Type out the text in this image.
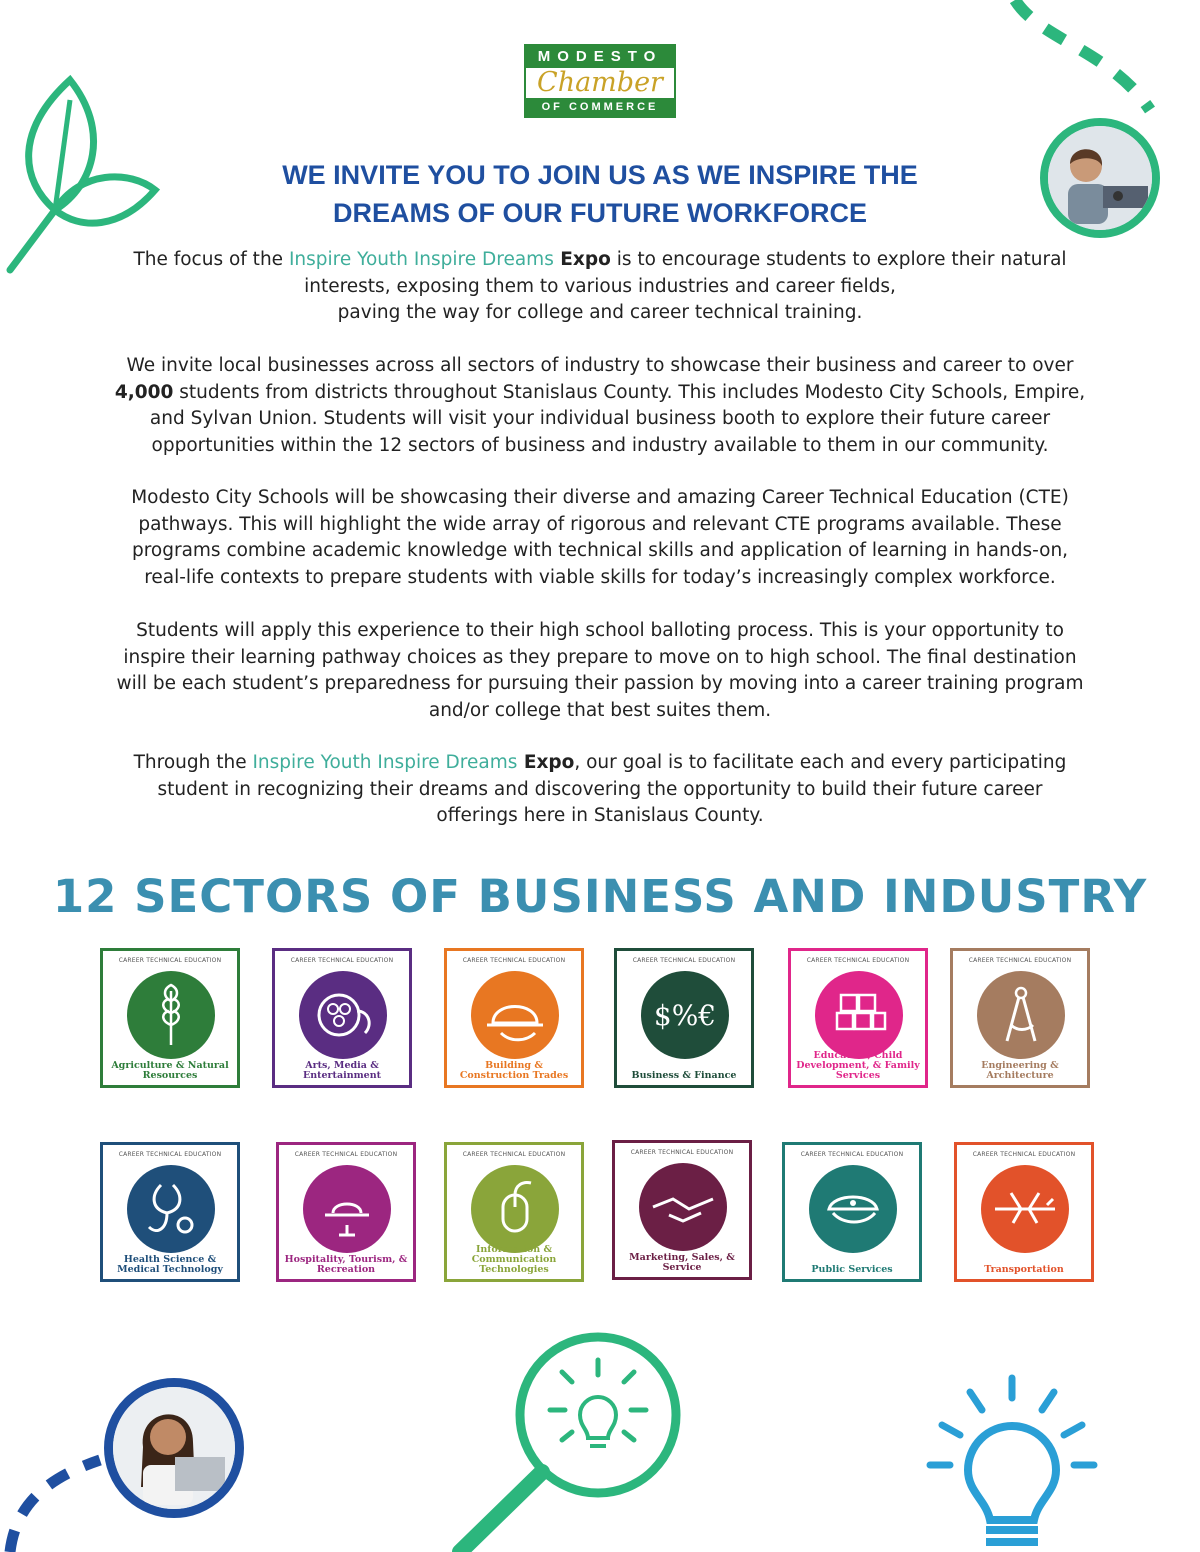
MODESTO
Chamber
OF COMMERCE
WE INVITE YOU TO JOIN US AS WE INSPIRE THE
DREAMS OF OUR FUTURE WORKFORCE
The focus of the Inspire Youth Inspire Dreams Expo is to encourage students to explore their natural
interests, exposing them to various industries and career fields,
paving the way for college and career technical training.
We invite local businesses across all sectors of industry to showcase their business and career to over
4,000 students from districts throughout Stanislaus County. This includes Modesto City Schools, Empire,
and Sylvan Union. Students will visit your individual business booth to explore their future career
opportunities within the 12 sectors of business and industry available to them in our community.
Modesto City Schools will be showcasing their diverse and amazing Career Technical Education (CTE)
pathways. This will highlight the wide array of rigorous and relevant CTE programs available. These
programs combine academic knowledge with technical skills and application of learning in hands-on,
real-life contexts to prepare students with viable skills for today’s increasingly complex workforce.
Students will apply this experience to their high school balloting process. This is your opportunity to
inspire their learning pathway choices as they prepare to move on to high school. The final destination
will be each student’s preparedness for pursuing their passion by moving into a career training program
and/or college that best suites them.
Through the Inspire Youth Inspire Dreams Expo, our goal is to facilitate each and every participating
student in recognizing their dreams and discovering the opportunity to build their future career
offerings here in Stanislaus County.
12 SECTORS OF BUSINESS AND INDUSTRY
CAREER TECHNICAL EDUCATION
Agriculture & Natural Resources
CAREER TECHNICAL EDUCATION
Arts, Media & Entertainment
CAREER TECHNICAL EDUCATION
Building & Construction Trades
CAREER TECHNICAL EDUCATION
$%€
Business & Finance
CAREER TECHNICAL EDUCATION
Education, Child Development, & Family Services
CAREER TECHNICAL EDUCATION
Engineering & Architecture
CAREER TECHNICAL EDUCATION
Health Science & Medical Technology
CAREER TECHNICAL EDUCATION
Hospitality, Tourism, & Recreation
CAREER TECHNICAL EDUCATION
Information & Communication Technologies
CAREER TECHNICAL EDUCATION
Marketing, Sales, & Service
CAREER TECHNICAL EDUCATION
Public Services
CAREER TECHNICAL EDUCATION
Transportation
